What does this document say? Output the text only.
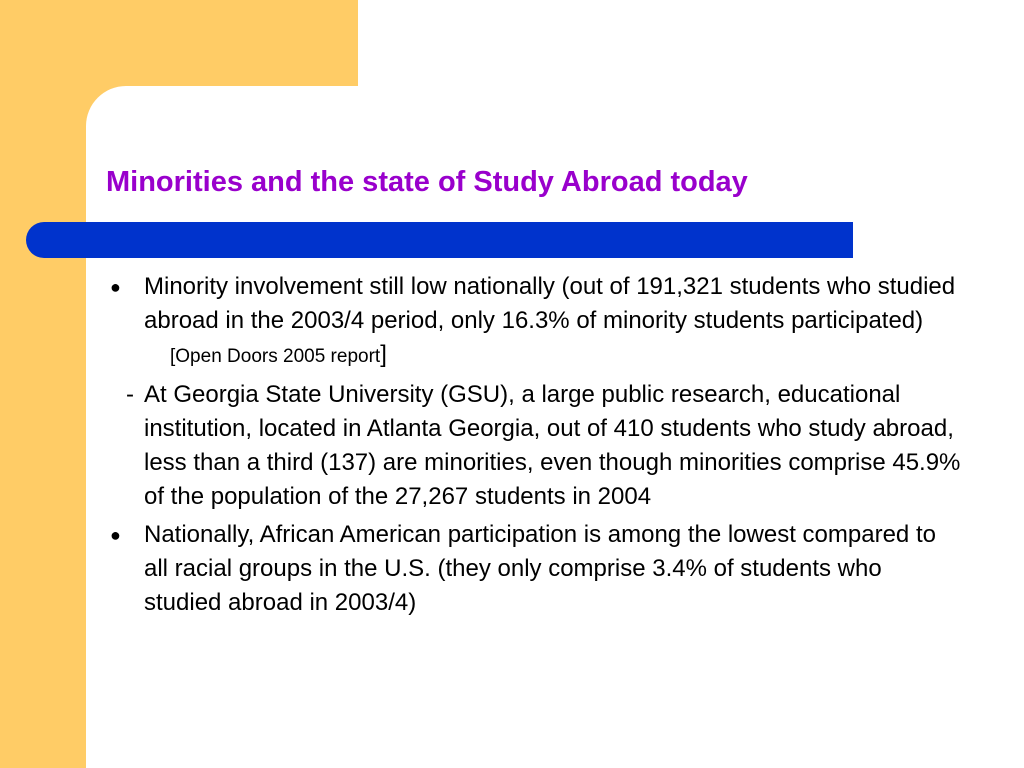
Minorities and the state of Study Abroad today

● Minority involvement still low nationally (out of 191,321 students who studied abroad in the 2003/4 period, only 16.3% of minority students participated)[Open Doors 2005 report]

- At Georgia State University (GSU), a large public research, educational institution, located in Atlanta Georgia, out of 410 students who study abroad, less than a third (137) are minorities, even though minorities comprise 45.9% of the population of the 27,267 students in 2004

● Nationally, African American participation is among the lowest compared to all racial groups in the U.S. (they only comprise 3.4% of students who studied abroad in 2003/4)
